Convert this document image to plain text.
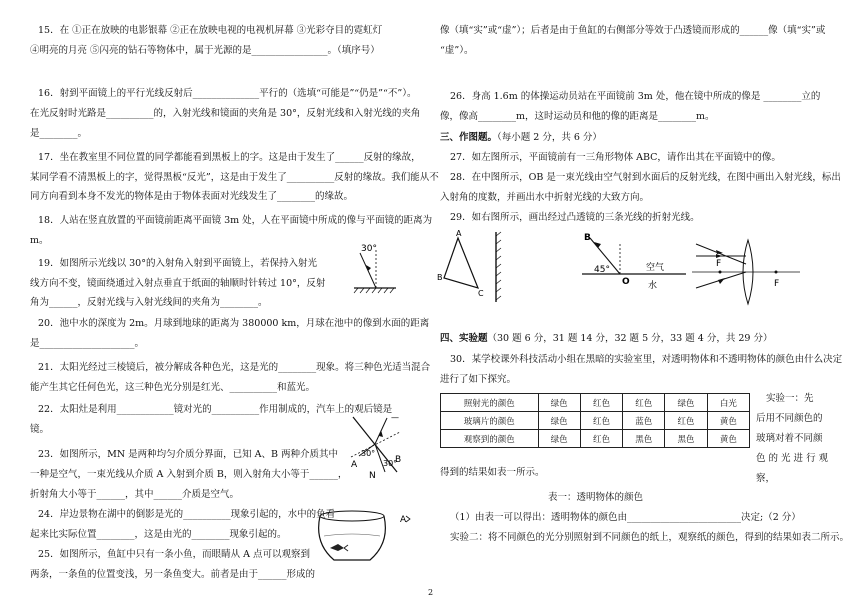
15．在 ①正在放映的电影银幕 ②正在放映电视的电视机屏幕 ③光彩夺目的霓虹灯
④明亮的月亮 ⑤闪亮的钻石等物体中，属于光源的是________________。（填序号）
16．射到平面镜上的平行光线反射后______________平行的（选填“可能是”“仍是”“不”）。
在光反射时光路是__________的，入射光线和镜面的夹角是 30°，反射光线和入射光线的夹角
是________。
17．坐在教室里不同位置的同学都能看到黑板上的字。这是由于发生了______反射的缘故，
某同学看不清黑板上的字，觉得黑板“反光”，这是由于发生了__________反射的缘故。我们能从不
同方向看到本身不发光的物体是由于物体表面对光线发生了________的缘故。
18．人站在竖直放置的平面镜前距离平面镜 3m 处，人在平面镜中所成的像与平面镜的距离为
m。
19．如图所示光线以 30°的入射角入射到平面镜上，若保持入射光
线方向不变，镜面绕通过入射点垂直于纸面的轴顺时针转过 10°，反射
角为______，反射光线与入射光线间的夹角为________。
20．池中水的深度为 2m。月球到地球的距离为 380000 km，月球在池中的像到水面的距离
是____________________。
21．太阳光经过三棱镜后，被分解成各种色光，这是光的________现象。将三种色光适当混合
能产生其它任何色光，这三种色光分别是红光、__________和蓝光。
22．太阳灶是利用____________镜对光的__________作用制成的，汽车上的观后镜是
镜。
23．如图所示，MN 是两种均匀介质分界面，已知 A、B 两种介质其中
一种是空气，一束光线从介质 A 入射到介质 B，则入射角大小等于______，
折射角大小等于______，其中______介质是空气。
24．岸边景物在湖中的倒影是光的__________现象引起的，水中的鱼看
起来比实际位置________，这是由光的________现象引起的。
25．如图所示，鱼缸中只有一条小鱼，而眼睛从 A 点可以观察到
两条，一条鱼的位置变浅，另一条鱼变大。前者是由于______形成的
30°
A
30°
30°
B
N
—
A
像（填“实”或“虚”）；后者是由于鱼缸的右侧部分等效于凸透镜而形成的______像（填“实”或
“虚”）。
26．身高 1.6m 的体操运动员站在平面镜前 3m 处，他在镜中所成的像是 ________立的
像，像高________m，这时运动员和他的像的距离是________m。
三、作图题。（每小题 2 分，共 6 分）
27．如左图所示，平面镜前有一三角形物体 ABC，请作出其在平面镜中的像。
28．在中图所示，OB 是一束光线由空气射到水面后的反射光线，在图中画出入射光线，标出
入射角的度数，并画出水中折射光线的大致方向。
29．如右图所示，画出经过凸透镜的三条光线的折射光线。
四、实验题（30 题 6 分，31 题 14 分，32 题 5 分，33 题 4 分，共 29 分）
30．某学校课外科技活动小组在黑暗的实验室里，对透明物体和不透明物体的颜色由什么决定
进行了如下探究。
照射光的颜色	绿色	红色	红色	绿色	白光
玻璃片的颜色	绿色	红色	蓝色	红色	黄色
观察到的颜色	绿色	红色	黑色	黑色	黄色
实验一：先
后用不同颜色的
玻璃对着不同颜
色 的 光 进 行 观
察，
得到的结果如表一所示。
表一：透明物体的颜色
（1）由表一可以得出：透明物体的颜色由________________________决定;（2 分）
实验二：将不同颜色的光分别照射到不同颜色的纸上，观察纸的颜色，得到的结果如表二所示。
A
B
C
B
45°
O
空气
水
F
F
2
